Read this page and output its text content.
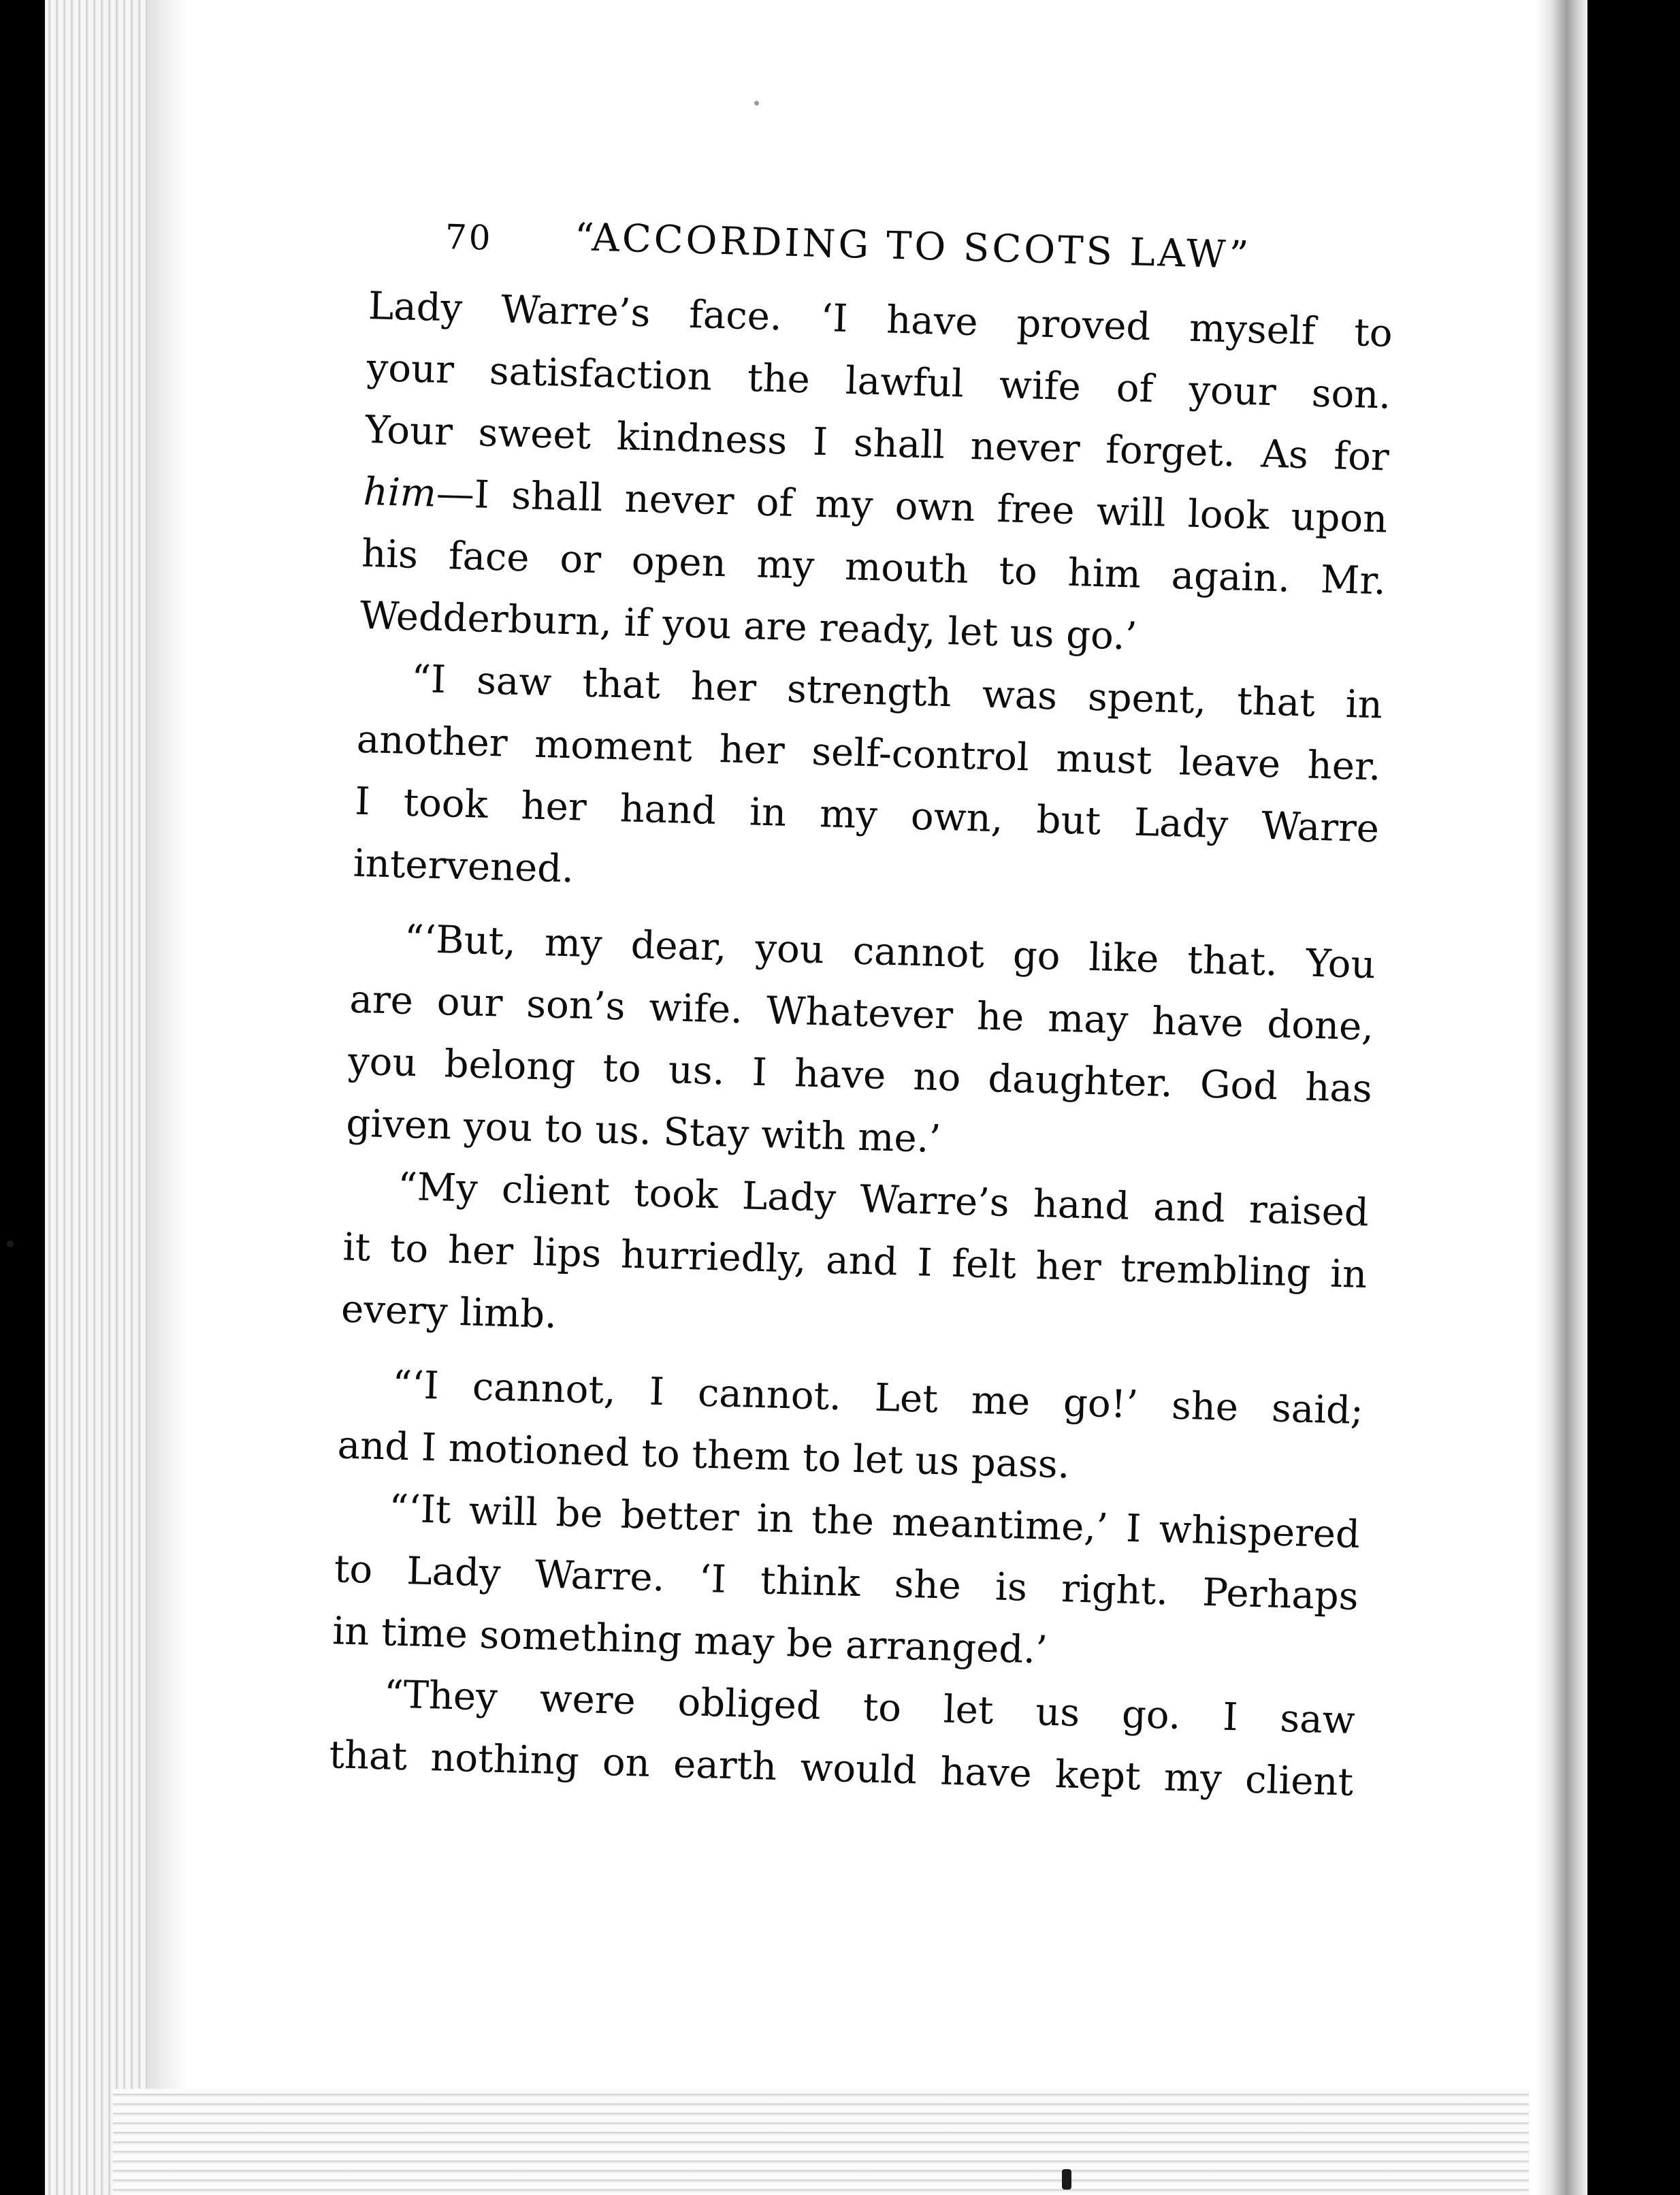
70 “ACCORDING TO SCOTS LAW”
Lady Warre’s face. ‘I have proved myself to
your satisfaction the lawful wife of your son.
Your sweet kindness I shall never forget. As for
him—I shall never of my own free will look upon
his face or open my mouth to him again. Mr.
Wedderburn, if you are ready, let us go.’
“I saw that her strength was spent, that in
another moment her self-control must leave her.
I took her hand in my own, but Lady Warre
intervened.
“‘But, my dear, you cannot go like that. You
are our son’s wife. Whatever he may have done,
you belong to us. I have no daughter. God has
given you to us. Stay with me.’
“My client took Lady Warre’s hand and raised
it to her lips hurriedly, and I felt her trembling in
every limb.
“‘I cannot, I cannot. Let me go!’ she said;
and I motioned to them to let us pass.
“‘It will be better in the meantime,’ I whispered
to Lady Warre. ‘I think she is right. Perhaps
in time something may be arranged.’
“They were obliged to let us go. I saw
that nothing on earth would have kept my client
